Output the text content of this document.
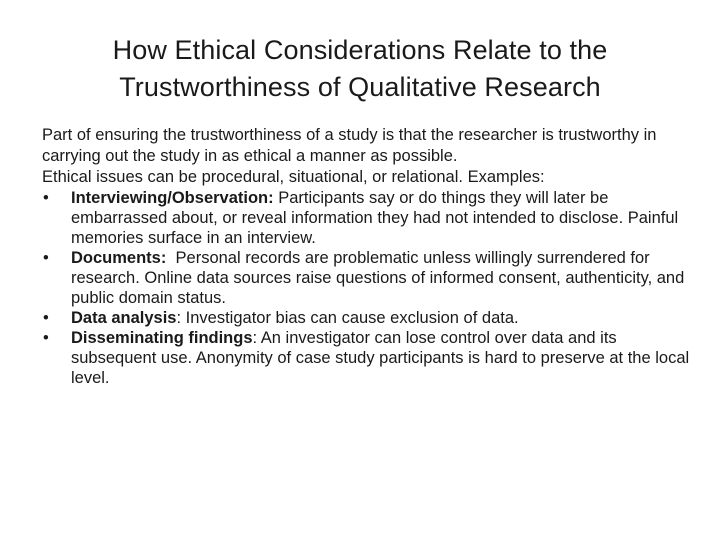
How Ethical Considerations Relate to the
Trustworthiness of Qualitative Research

Part of ensuring the trustworthiness of a study is that the researcher is trustworthy in carrying out the study in as ethical a manner as possible.

Ethical issues can be procedural, situational, or relational. Examples:

•	Interviewing/Observation: Participants say or do things they will later be embarrassed about, or reveal information they had not intended to disclose. Painful memories surface in an interview.
•	Documents:  Personal records are problematic unless willingly surrendered for research. Online data sources raise questions of informed consent, authenticity, and public domain status.
•	Data analysis: Investigator bias can cause exclusion of data.
•	Disseminating findings: An investigator can lose control over data and its subsequent use. Anonymity of case study participants is hard to preserve at the local level.
